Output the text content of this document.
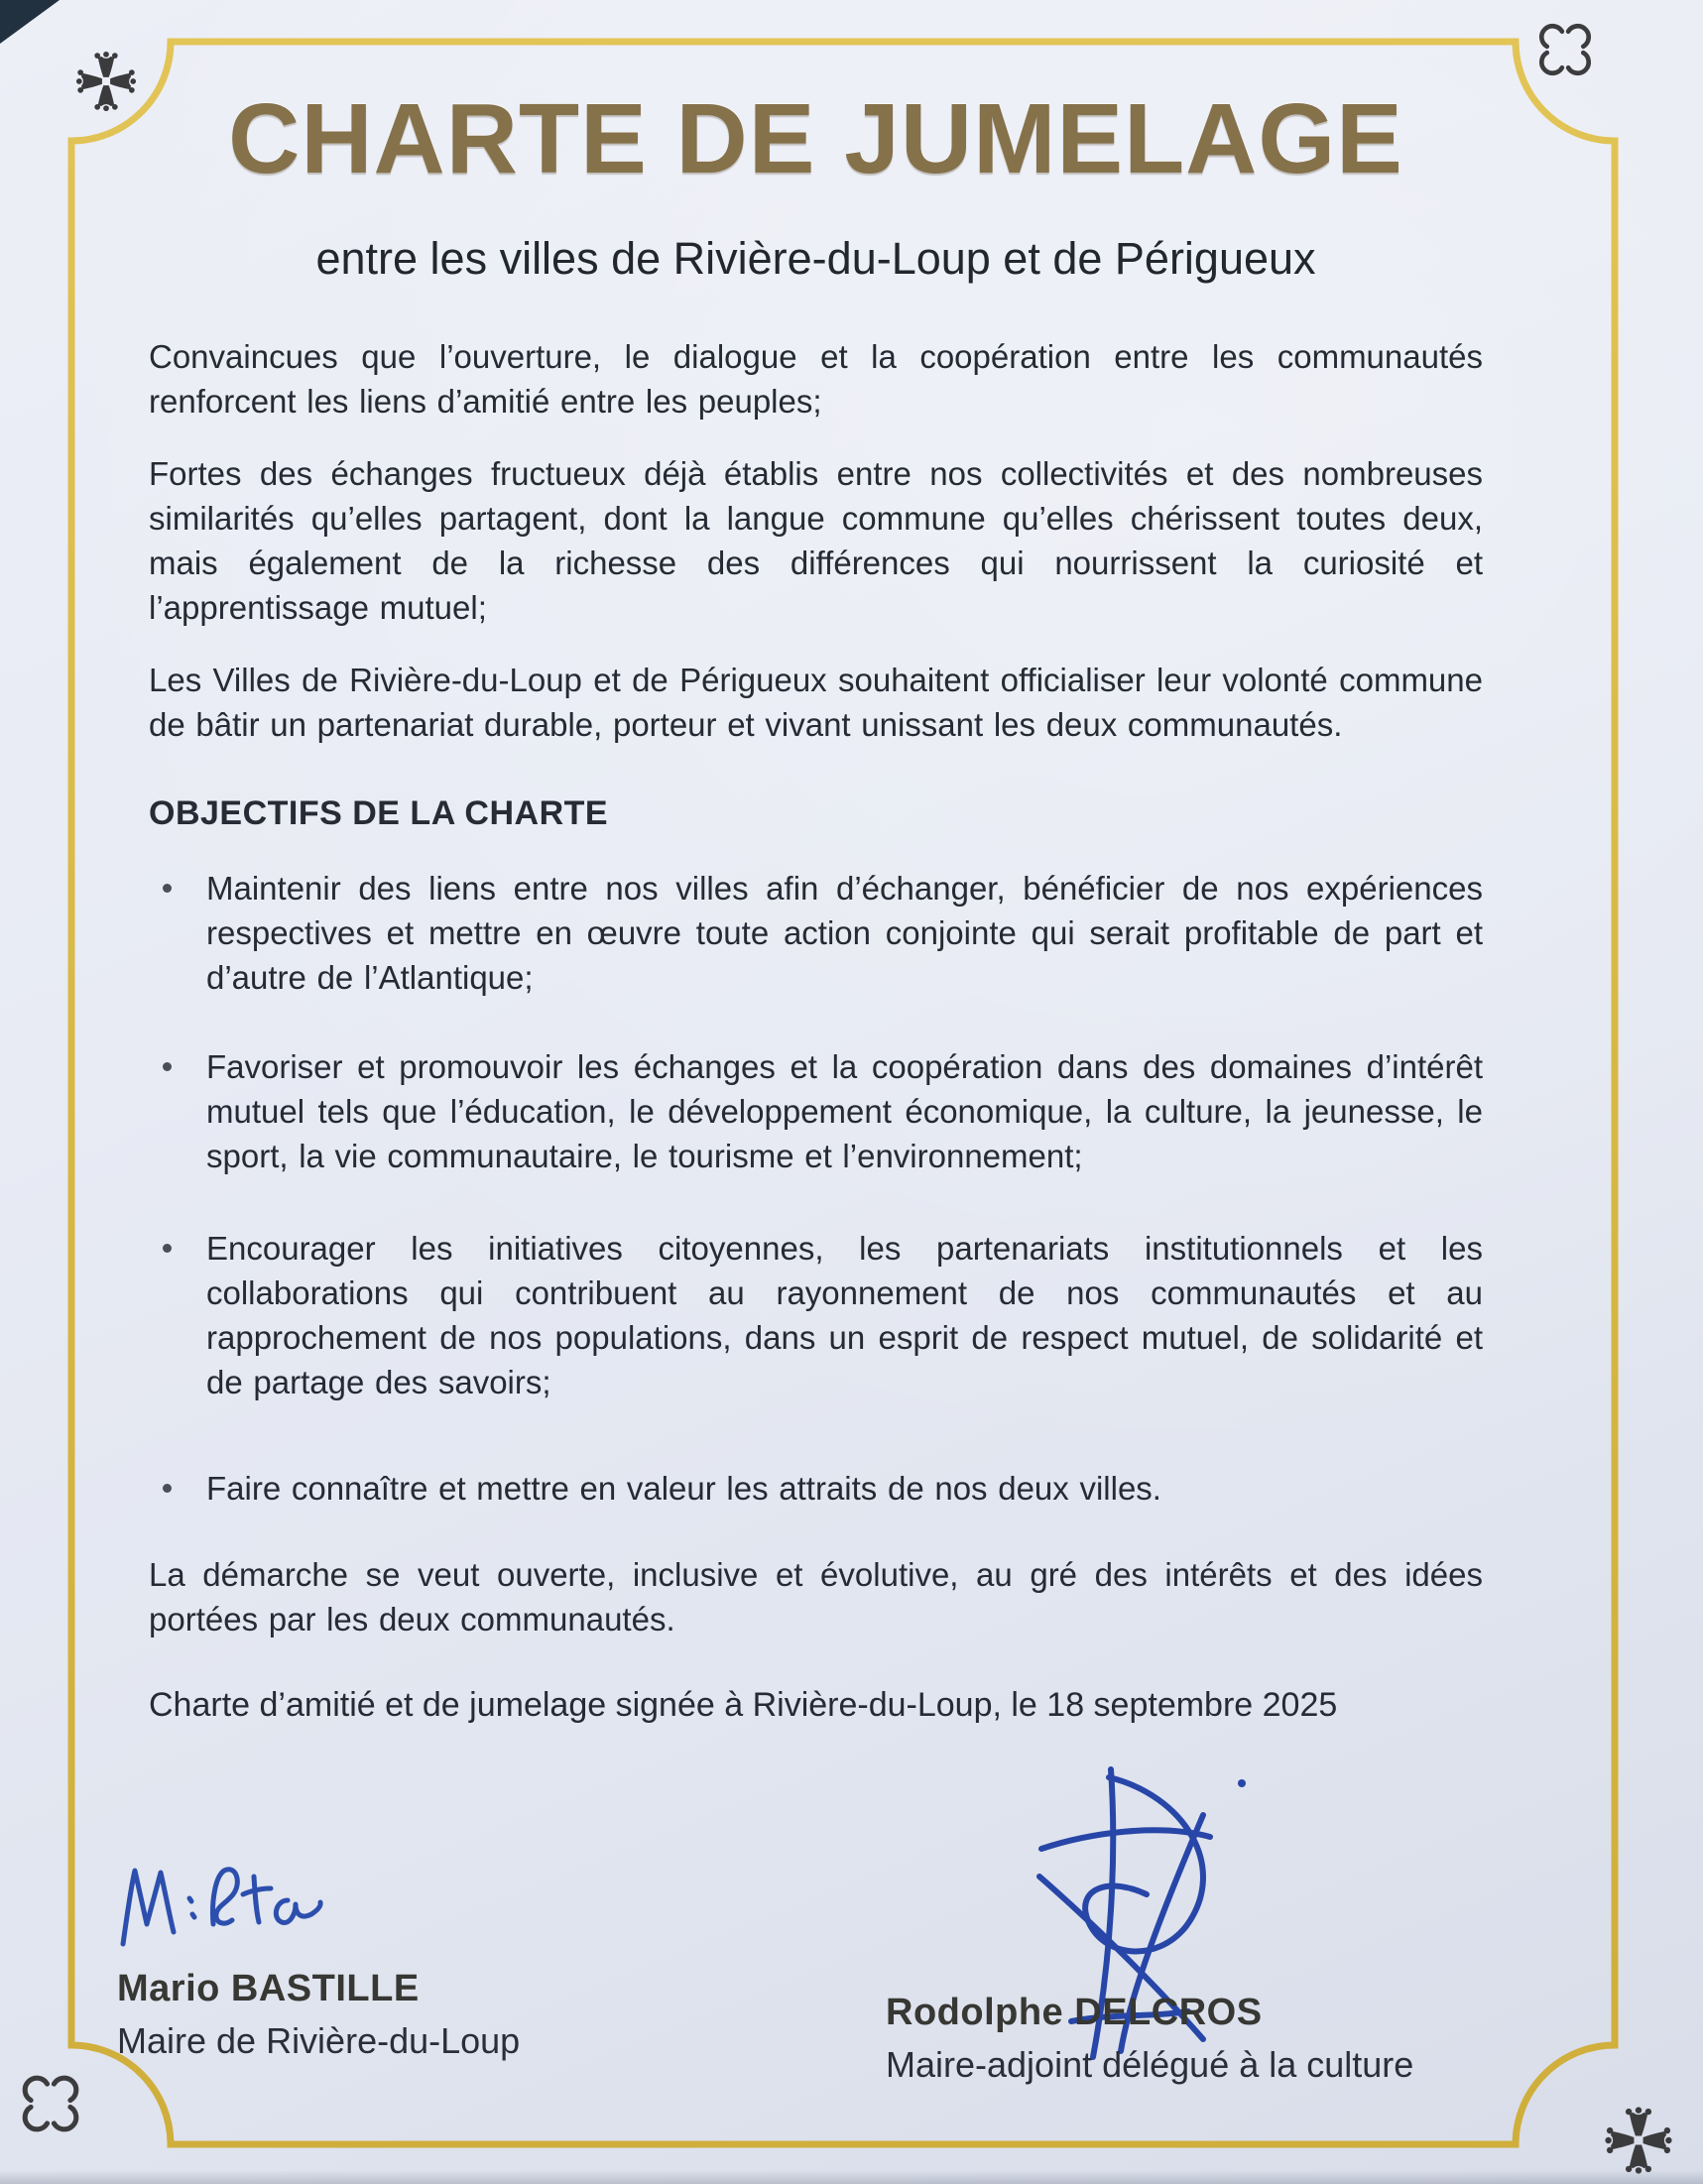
CHARTE DE JUMELAGE
entre les villes de Rivière-du-Loup et de Périgueux

Convaincues que l’ouverture, le dialogue et la coopération entre les communautés renforcent les liens d’amitié entre les peuples;

Fortes des échanges fructueux déjà établis entre nos collectivités et des nombreuses similarités qu’elles partagent, dont la langue commune qu’elles chérissent toutes deux, mais également de la richesse des différences qui nourrissent la curiosité et l’apprentissage mutuel;

Les Villes de Rivière-du-Loup et de Périgueux souhaitent officialiser leur volonté commune de bâtir un partenariat durable, porteur et vivant unissant les deux communautés.

OBJECTIFS DE LA CHARTE
Maintenir des liens entre nos villes afin d’échanger, bénéficier de nos expériences respectives et mettre en œuvre toute action conjointe qui serait profitable de part et d’autre de l’Atlantique;
Favoriser et promouvoir les échanges et la coopération dans des domaines d’intérêt mutuel tels que l’éducation, le développement économique, la culture, la jeunesse, le sport, la vie communautaire, le tourisme et l’environnement;
Encourager les initiatives citoyennes, les partenariats institutionnels et les collaborations qui contribuent au rayonnement de nos communautés et au rapprochement de nos populations, dans un esprit de respect mutuel, de solidarité et de partage des savoirs;
Faire connaître et mettre en valeur les attraits de nos deux villes.

La démarche se veut ouverte, inclusive et évolutive, au gré des intérêts et des idées portées par les deux communautés.

Charte d’amitié et de jumelage signée à Rivière-du-Loup, le 18 septembre 2025

Mario BASTILLE

Maire de Rivière-du-Loup

Rodolphe DELCROS

Maire-adjoint délégué à la culture
